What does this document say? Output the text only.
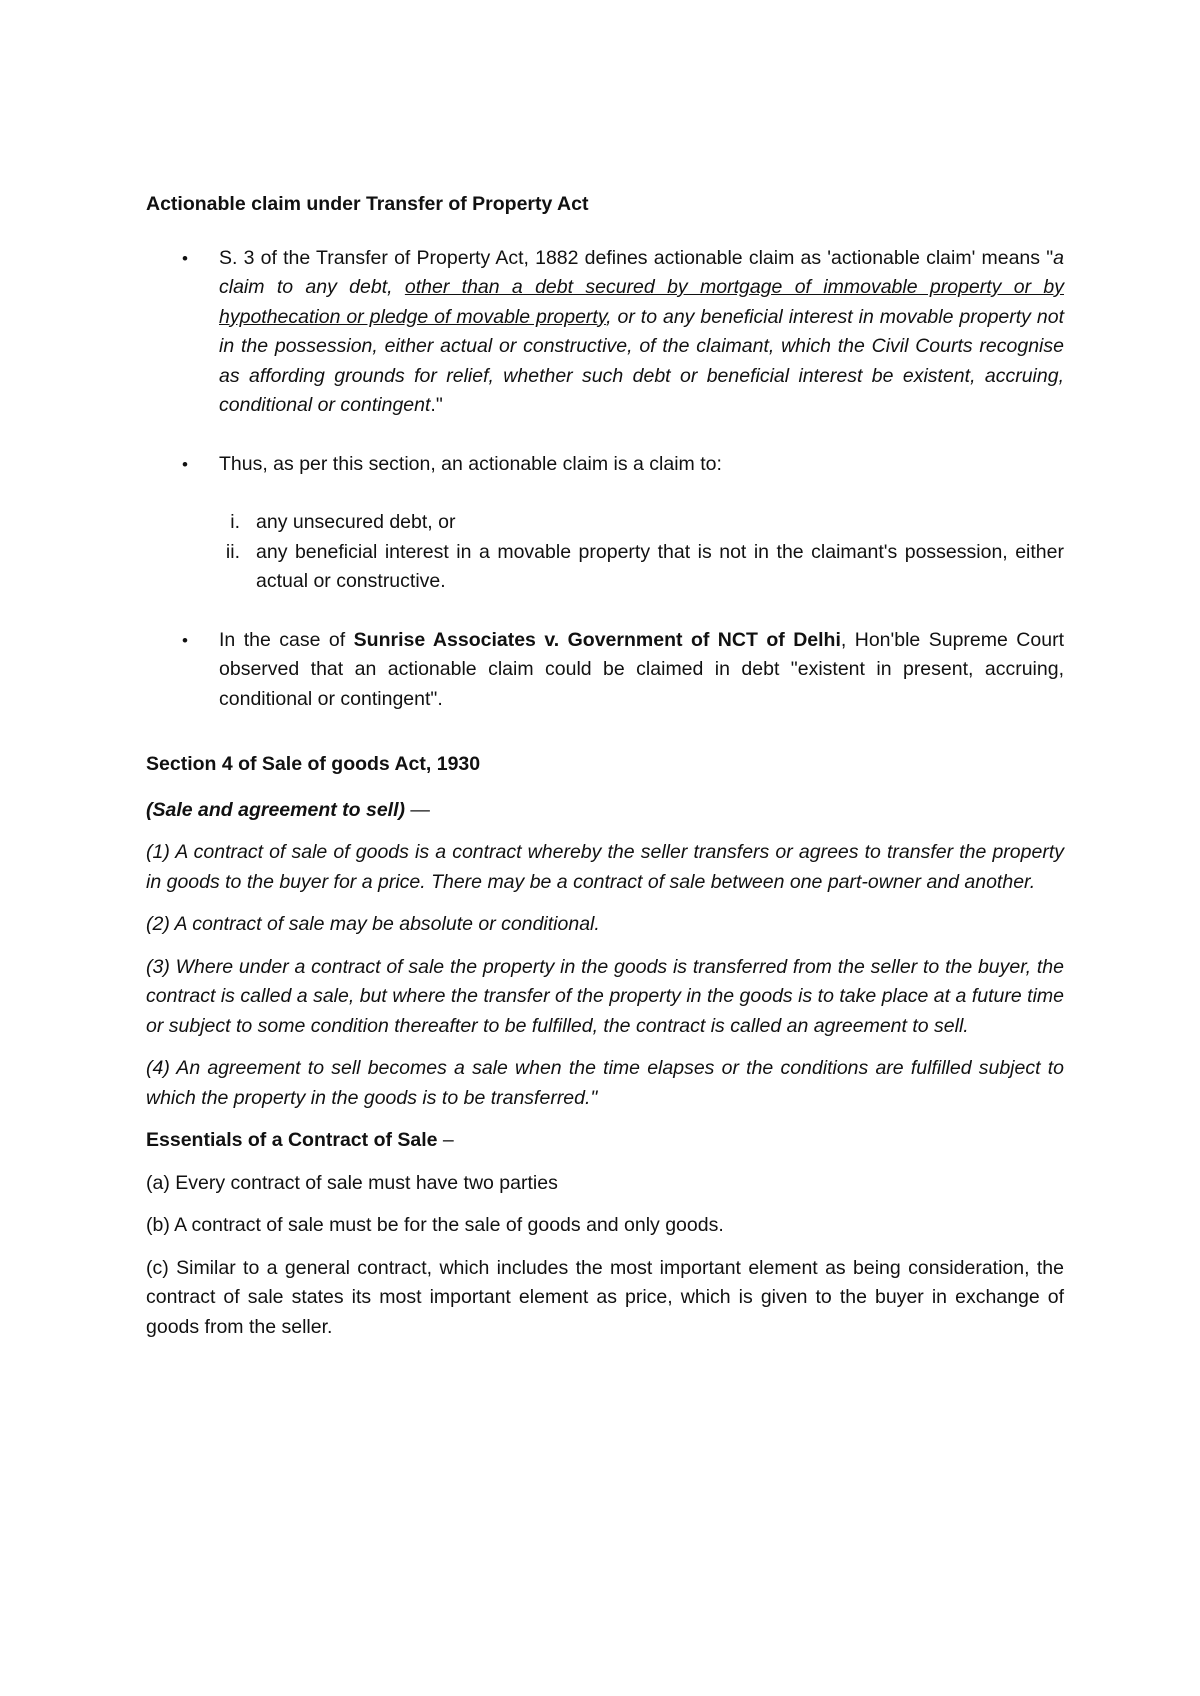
Actionable claim under Transfer of Property Act

• S. 3 of the Transfer of Property Act, 1882 defines actionable claim as 'actionable claim' means "a claim to any debt, other than a debt secured by mortgage of immovable property or by hypothecation or pledge of movable property, or to any beneficial interest in movable property not in the possession, either actual or constructive, of the claimant, which the Civil Courts recognise as affording grounds for relief, whether such debt or beneficial interest be existent, accruing, conditional or contingent."
• Thus, as per this section, an actionable claim is a claim to:
i. any unsecured debt, or
ii. any beneficial interest in a movable property that is not in the claimant's possession, either actual or constructive.
• In the case of Sunrise Associates v. Government of NCT of Delhi, Hon'ble Supreme Court observed that an actionable claim could be claimed in debt "existent in present, accruing, conditional or contingent".

Section 4 of Sale of goods Act, 1930

(Sale and agreement to sell) —

(1) A contract of sale of goods is a contract whereby the seller transfers or agrees to transfer the property in goods to the buyer for a price. There may be a contract of sale between one part-owner and another.

(2) A contract of sale may be absolute or conditional.

(3) Where under a contract of sale the property in the goods is transferred from the seller to the buyer, the contract is called a sale, but where the transfer of the property in the goods is to take place at a future time or subject to some condition thereafter to be fulfilled, the contract is called an agreement to sell.

(4) An agreement to sell becomes a sale when the time elapses or the conditions are fulfilled subject to which the property in the goods is to be transferred."

Essentials of a Contract of Sale –

(a) Every contract of sale must have two parties

(b) A contract of sale must be for the sale of goods and only goods.

(c) Similar to a general contract, which includes the most important element as being consideration, the contract of sale states its most important element as price, which is given to the buyer in exchange of goods from the seller.
